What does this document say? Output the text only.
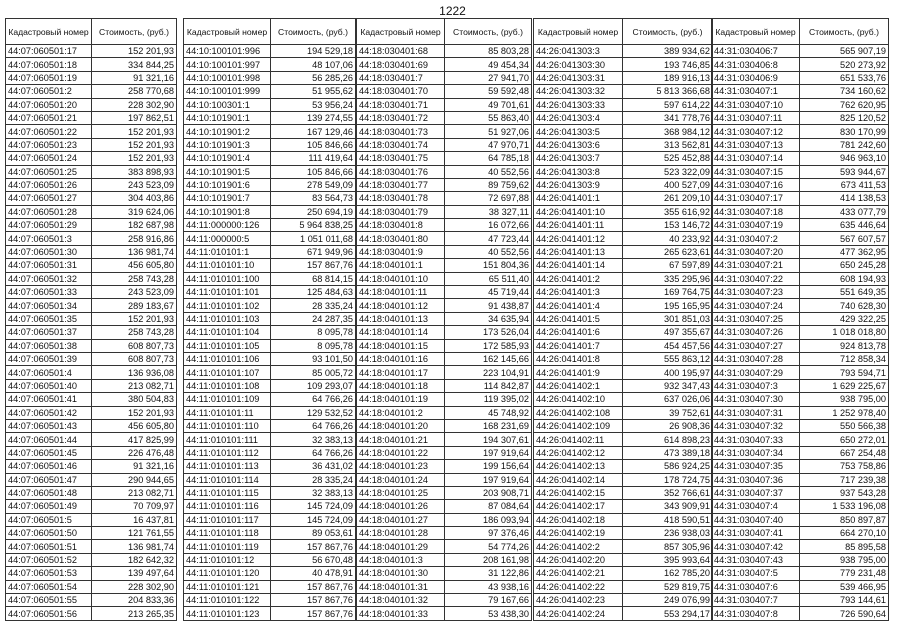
1222
Кадастровый номер	Стоимость, (руб.)
44:07:060501:17	152 201,93
44:07:060501:18	334 844,25
44:07:060501:19	91 321,16
44:07:060501:2	258 770,68
44:07:060501:20	228 302,90
44:07:060501:21	197 862,51
44:07:060501:22	152 201,93
44:07:060501:23	152 201,93
44:07:060501:24	152 201,93
44:07:060501:25	383 898,93
44:07:060501:26	243 523,09
44:07:060501:27	304 403,86
44:07:060501:28	319 624,06
44:07:060501:29	182 687,98
44:07:060501:3	258 916,86
44:07:060501:30	136 981,74
44:07:060501:31	456 605,80
44:07:060501:32	258 743,28
44:07:060501:33	243 523,09
44:07:060501:34	289 183,67
44:07:060501:35	152 201,93
44:07:060501:37	258 743,28
44:07:060501:38	608 807,73
44:07:060501:39	608 807,73
44:07:060501:4	136 936,08
44:07:060501:40	213 082,71
44:07:060501:41	380 504,83
44:07:060501:42	152 201,93
44:07:060501:43	456 605,80
44:07:060501:44	417 825,99
44:07:060501:45	226 476,48
44:07:060501:46	91 321,16
44:07:060501:47	290 944,65
44:07:060501:48	213 082,71
44:07:060501:49	70 709,97
44:07:060501:5	16 437,81
44:07:060501:50	121 761,55
44:07:060501:51	136 981,74
44:07:060501:52	182 642,32
44:07:060501:53	139 497,64
44:07:060501:54	228 302,90
44:07:060501:55	204 833,36
44:07:060501:56	213 265,35
Кадастровый номер	Стоимость, (руб.)
44:10:100101:996	194 529,18
44:10:100101:997	48 107,06
44:10:100101:998	56 285,26
44:10:100101:999	51 955,62
44:10:100301:1	53 956,24
44:10:101901:1	139 274,55
44:10:101901:2	167 129,46
44:10:101901:3	105 846,66
44:10:101901:4	111 419,64
44:10:101901:5	105 846,66
44:10:101901:6	278 549,09
44:10:101901:7	83 564,73
44:10:101901:8	250 694,19
44:11:000000:126	5 964 838,25
44:11:000000:5	1 051 011,68
44:11:010101:1	671 949,96
44:11:010101:10	157 867,76
44:11:010101:100	68 814,15
44:11:010101:101	125 484,63
44:11:010101:102	28 335,24
44:11:010101:103	24 287,35
44:11:010101:104	8 095,78
44:11:010101:105	8 095,78
44:11:010101:106	93 101,50
44:11:010101:107	85 005,72
44:11:010101:108	109 293,07
44:11:010101:109	64 766,26
44:11:010101:11	129 532,52
44:11:010101:110	64 766,26
44:11:010101:111	32 383,13
44:11:010101:112	64 766,26
44:11:010101:113	36 431,02
44:11:010101:114	28 335,24
44:11:010101:115	32 383,13
44:11:010101:116	145 724,09
44:11:010101:117	145 724,09
44:11:010101:118	89 053,61
44:11:010101:119	157 867,76
44:11:010101:12	56 670,48
44:11:010101:120	40 478,91
44:11:010101:121	157 867,76
44:11:010101:122	157 867,76
44:11:010101:123	157 867,76
Кадастровый номер	Стоимость, (руб.)
44:18:030401:68	85 803,28
44:18:030401:69	49 454,34
44:18:030401:7	27 941,70
44:18:030401:70	59 592,48
44:18:030401:71	49 701,61
44:18:030401:72	55 863,40
44:18:030401:73	51 927,06
44:18:030401:74	47 970,71
44:18:030401:75	64 785,18
44:18:030401:76	40 552,56
44:18:030401:77	89 759,62
44:18:030401:78	72 697,88
44:18:030401:79	38 327,11
44:18:030401:8	16 072,66
44:18:030401:80	47 723,44
44:18:030401:9	40 552,56
44:18:040101:1	151 804,36
44:18:040101:10	65 511,40
44:18:040101:11	45 719,44
44:18:040101:12	91 438,87
44:18:040101:13	34 635,94
44:18:040101:14	173 526,04
44:18:040101:15	172 585,93
44:18:040101:16	162 145,66
44:18:040101:17	223 104,91
44:18:040101:18	114 842,87
44:18:040101:19	119 395,02
44:18:040101:2	45 748,92
44:18:040101:20	168 231,69
44:18:040101:21	194 307,61
44:18:040101:22	197 919,64
44:18:040101:23	199 156,64
44:18:040101:24	197 919,64
44:18:040101:25	203 908,71
44:18:040101:26	87 084,64
44:18:040101:27	186 093,94
44:18:040101:28	97 376,46
44:18:040101:29	54 774,26
44:18:040101:3	208 161,98
44:18:040101:30	31 122,86
44:18:040101:31	43 938,16
44:18:040101:32	79 167,66
44:18:040101:33	53 438,30
Кадастровый номер	Стоимость, (руб.)
44:26:041303:3	389 934,62
44:26:041303:30	193 746,85
44:26:041303:31	189 916,13
44:26:041303:32	5 813 366,68
44:26:041303:33	597 614,22
44:26:041303:4	341 778,76
44:26:041303:5	368 984,12
44:26:041303:6	313 562,81
44:26:041303:7	525 452,88
44:26:041303:8	523 322,09
44:26:041303:9	400 527,09
44:26:041401:1	261 209,10
44:26:041401:10	355 616,92
44:26:041401:11	153 146,72
44:26:041401:12	40 233,92
44:26:041401:13	265 623,61
44:26:041401:14	67 597,89
44:26:041401:2	335 295,96
44:26:041401:3	169 764,75
44:26:041401:4	195 165,95
44:26:041401:5	301 851,03
44:26:041401:6	497 355,67
44:26:041401:7	454 457,56
44:26:041401:8	555 863,12
44:26:041401:9	400 195,97
44:26:041402:1	932 347,43
44:26:041402:10	637 026,06
44:26:041402:108	39 752,61
44:26:041402:109	26 908,36
44:26:041402:11	614 898,23
44:26:041402:12	473 389,18
44:26:041402:13	586 924,25
44:26:041402:14	178 724,75
44:26:041402:15	352 766,61
44:26:041402:17	343 909,91
44:26:041402:18	418 590,51
44:26:041402:19	236 938,03
44:26:041402:2	857 305,96
44:26:041402:20	395 993,64
44:26:041402:21	162 785,20
44:26:041402:22	529 819,75
44:26:041402:23	249 076,99
44:26:041402:24	553 294,17
Кадастровый номер	Стоимость, (руб.)
44:31:030406:7	565 907,19
44:31:030406:8	520 273,92
44:31:030406:9	651 533,76
44:31:030407:1	734 160,62
44:31:030407:10	762 620,95
44:31:030407:11	825 120,52
44:31:030407:12	830 170,99
44:31:030407:13	781 242,60
44:31:030407:14	946 963,10
44:31:030407:15	593 944,67
44:31:030407:16	673 411,53
44:31:030407:17	414 138,53
44:31:030407:18	433 077,79
44:31:030407:19	635 446,64
44:31:030407:2	567 607,57
44:31:030407:20	477 362,95
44:31:030407:21	650 245,28
44:31:030407:22	608 194,93
44:31:030407:23	551 649,35
44:31:030407:24	740 628,30
44:31:030407:25	429 322,25
44:31:030407:26	1 018 018,80
44:31:030407:27	924 813,78
44:31:030407:28	712 858,34
44:31:030407:29	793 594,71
44:31:030407:3	1 629 225,67
44:31:030407:30	938 795,00
44:31:030407:31	1 252 978,40
44:31:030407:32	550 566,38
44:31:030407:33	650 272,01
44:31:030407:34	667 254,48
44:31:030407:35	753 758,86
44:31:030407:36	717 239,38
44:31:030407:37	937 543,28
44:31:030407:4	1 533 196,08
44:31:030407:40	850 897,87
44:31:030407:41	664 270,10
44:31:030407:42	85 895,58
44:31:030407:43	938 795,00
44:31:030407:5	779 231,48
44:31:030407:6	539 466,95
44:31:030407:7	793 144,61
44:31:030407:8	726 590,64
